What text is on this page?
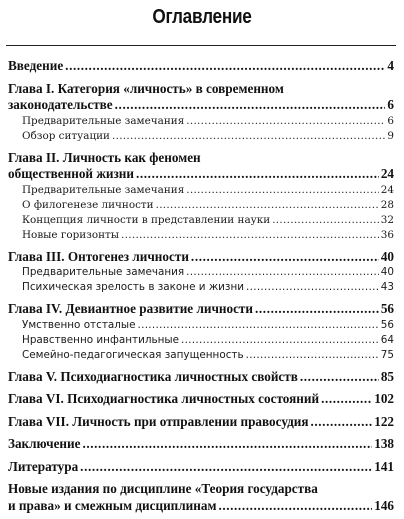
Оглавление
Введение .....	4
Глава I. Категория «личность» в современном
законодательстве .....	6
Предварительные замечания .....	6
Обзор ситуации .....	9
Глава II. Личность как феномен
общественной жизни .....	24
Предварительные замечания .....	24
О филогенезе личности .....	28
Концепция личности в представлении науки .....	32
Новые горизонты .....	36
Глава III. Онтогенез личности .....	40
Предварительные замечания .....	40
Психическая зрелость в законе и жизни .....	43
Глава IV. Девиантное развитие личности .....	56
Умственно отсталые .....	56
Нравственно инфантильные .....	64
Семейно-педагогическая запущенность .....	75
Глава V. Психодиагностика личностных свойств .....	85
Глава VI. Психодиагностика личностных состояний .....	102
Глава VII. Личность при отправлении правосудия .....	122
Заключение .....	138
Литература .....	141
Новые издания по дисциплине «Теория государства
и права» и смежным дисциплинам .....	146
